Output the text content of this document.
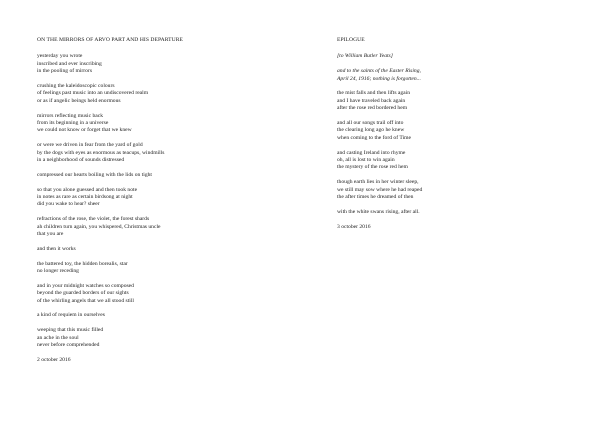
ON THE MIRRORS OF ARVO PART AND HIS DEPARTURE
yesterday you wrote
inscribed and ever inscribing
in the pooling of mirrors
crushing the kaleidoscopic colours
of feelings past music into an undiscovered realm
or as if angelic beings held enormous
mirrors reflecting music back
from its beginning in a universe
we could not know or forget that we knew
or were we driven in fear from the yard of gold
by the dogs with eyes as enormous as teacups, windmills
in a neighborhood of sounds distressed
compressed our hearts boiling with the lids on tight
so that you alone guessed and then took note
in notes as rare as certain birdsong at night
did you wake to hear? sheer
refractions of the rose, the violet, the forest shards
ah children turn again, you whispered, Christmas uncle
that you are
and then it works
the battered toy, the hidden borealis, star
no longer receding
and in your midnight watches so composed
beyond the guarded borders of our sights
of the whirling angels that we all stood still
a kind of requiem in ourselves
weeping that this music filled
an ache in the soul
never before comprehended
2 october 2016
EPILOGUE
[to William Butler Yeats]
and to the saints of the Easter Rising,
April 24, 1916; nothing is forgotten...
the mist falls and then lifts again
and I have traveled back again
after the rose red bordered hem
and all our songs trail off into
the clearing long ago he knew
when coming to the ford of Time
and casting Ireland into rhyme
oh, all is lost to win again
the mystery of the rose red hem
though earth lies in her winter sleep,
we still may sow where he had reaped
the after times he dreamed of then
with the white swans rising, after all.
3 october 2016
